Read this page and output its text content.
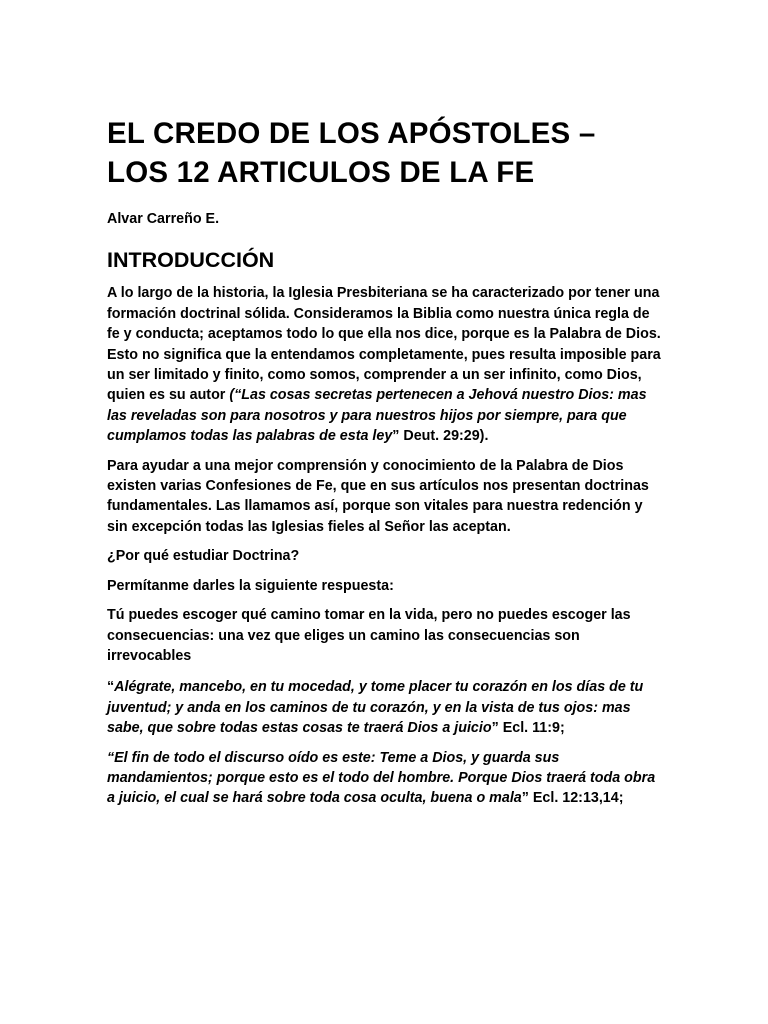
EL CREDO DE LOS APÓSTOLES –
LOS 12 ARTICULOS DE LA FE

Alvar Carreño E.

INTRODUCCIÓN

A lo largo de la historia, la Iglesia Presbiteriana se ha caracterizado por tener una formación doctrinal sólida. Consideramos la Biblia como nuestra única regla de fe y conducta; aceptamos todo lo que ella nos dice, porque es la Palabra de Dios. Esto no significa que la entendamos completamente, pues resulta imposible para un ser limitado y finito, como somos, comprender a un ser infinito, como Dios, quien es su autor (“Las cosas secretas pertenecen a Jehová nuestro Dios: mas las reveladas son para nosotros y para nuestros hijos por siempre, para que cumplamos todas las palabras de esta ley” Deut. 29:29).

Para ayudar a una mejor comprensión y conocimiento de la Palabra de Dios existen varias Confesiones de Fe, que en sus artículos nos presentan doctrinas fundamentales. Las llamamos así, porque son vitales para nuestra redención y sin excepción todas las Iglesias fieles al Señor las aceptan.

¿Por qué estudiar Doctrina?

Permítanme darles la siguiente respuesta:

Tú puedes escoger qué camino tomar en la vida, pero no puedes escoger las consecuencias: una vez que eliges un camino las consecuencias son irrevocables

“Alégrate, mancebo, en tu mocedad, y tome placer tu corazón en los días de tu juventud; y anda en los caminos de tu corazón, y en la vista de tus ojos: mas sabe, que sobre todas estas cosas te traerá Dios a juicio” Ecl. 11:9;

“El fin de todo el discurso oído es este: Teme a Dios, y guarda sus mandamientos; porque esto es el todo del hombre. Porque Dios traerá toda obra a juicio, el cual se hará sobre toda cosa oculta, buena o mala” Ecl. 12:13,14;
